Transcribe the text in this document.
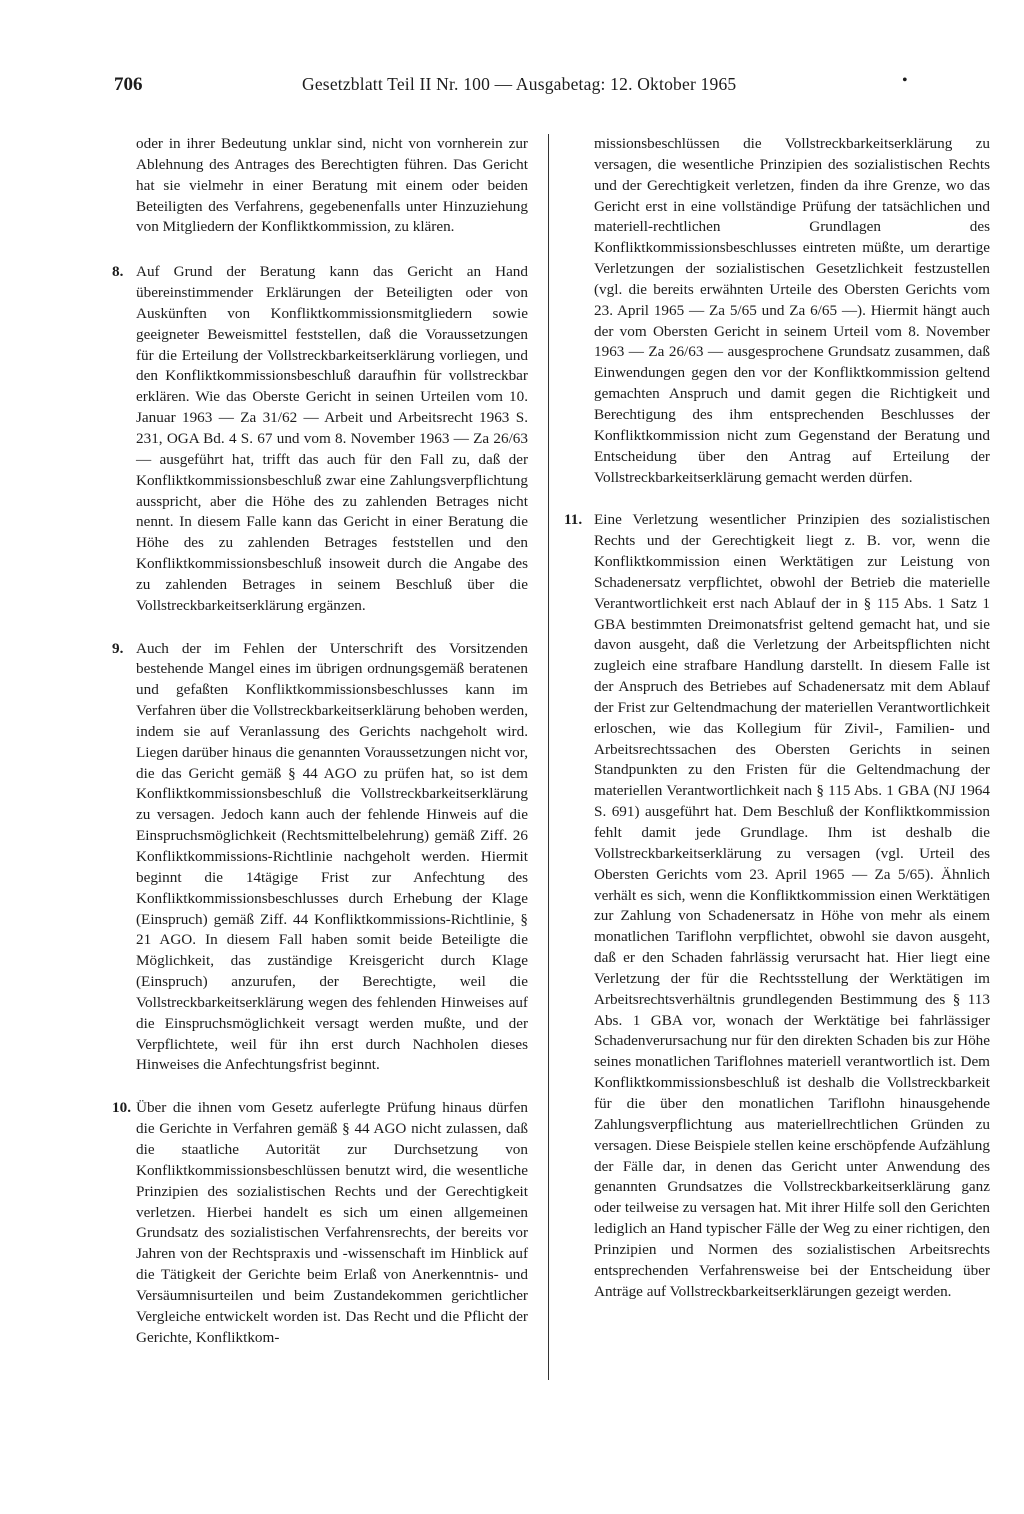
706	Gesetzblatt Teil II Nr. 100 — Ausgabetag: 12. Oktober 1965	•

oder in ihrer Bedeutung unklar sind, nicht von vornherein zur Ablehnung des Antrages des Berechtigten führen. Das Gericht hat sie vielmehr in einer Beratung mit einem oder beiden Beteiligten des Verfahrens, gegebenenfalls unter Hinzuziehung von Mitgliedern der Konfliktkommission, zu klären.

8. Auf Grund der Beratung kann das Gericht an Hand übereinstimmender Erklärungen der Beteiligten oder von Auskünften von Konfliktkommissionsmitgliedern sowie geeigneter Beweismittel feststellen, daß die Voraussetzungen für die Erteilung der Vollstreckbarkeitserklärung vorliegen, und den Konfliktkommissionsbeschluß daraufhin für vollstreckbar erklären. Wie das Oberste Gericht in seinen Urteilen vom 10. Januar 1963 — Za 31/62 — Arbeit und Arbeitsrecht 1963 S. 231, OGA Bd. 4 S. 67 und vom 8. November 1963 — Za 26/63 — ausgeführt hat, trifft das auch für den Fall zu, daß der Konfliktkommissionsbeschluß zwar eine Zahlungsverpflichtung ausspricht, aber die Höhe des zu zahlenden Betrages nicht nennt. In diesem Falle kann das Gericht in einer Beratung die Höhe des zu zahlenden Betrages feststellen und den Konfliktkommissionsbeschluß insoweit durch die Angabe des zu zahlenden Betrages in seinem Beschluß über die Vollstreckbarkeitserklärung ergänzen.

9. Auch der im Fehlen der Unterschrift des Vorsitzenden bestehende Mangel eines im übrigen ordnungsgemäß beratenen und gefaßten Konfliktkommissionsbeschlusses kann im Verfahren über die Vollstreckbarkeitserklärung behoben werden, indem sie auf Veranlassung des Gerichts nachgeholt wird. Liegen darüber hinaus die genannten Voraussetzungen nicht vor, die das Gericht gemäß § 44 AGO zu prüfen hat, so ist dem Konfliktkommissionsbeschluß die Vollstreckbarkeitserklärung zu versagen. Jedoch kann auch der fehlende Hinweis auf die Einspruchsmöglichkeit (Rechtsmittelbelehrung) gemäß Ziff. 26 Konfliktkommissions-Richtlinie nachgeholt werden. Hiermit beginnt die 14tägige Frist zur Anfechtung des Konfliktkommissionsbeschlusses durch Erhebung der Klage (Einspruch) gemäß Ziff. 44 Konfliktkommissions-Richtlinie, § 21 AGO. In diesem Fall haben somit beide Beteiligte die Möglichkeit, das zuständige Kreisgericht durch Klage (Einspruch) anzurufen, der Berechtigte, weil die Vollstreckbarkeitserklärung wegen des fehlenden Hinweises auf die Einspruchsmöglichkeit versagt werden mußte, und der Verpflichtete, weil für ihn erst durch Nachholen dieses Hinweises die Anfechtungsfrist beginnt.

10. Über die ihnen vom Gesetz auferlegte Prüfung hinaus dürfen die Gerichte in Verfahren gemäß § 44 AGO nicht zulassen, daß die staatliche Autorität zur Durchsetzung von Konfliktkommissionsbeschlüssen benutzt wird, die wesentliche Prinzipien des sozialistischen Rechts und der Gerechtigkeit verletzen. Hierbei handelt es sich um einen allgemeinen Grundsatz des sozialistischen Verfahrensrechts, der bereits vor Jahren von der Rechtspraxis und -wissenschaft im Hinblick auf die Tätigkeit der Gerichte beim Erlaß von Anerkenntnis- und Versäumnisurteilen und beim Zustandekommen gerichtlicher Vergleiche entwickelt worden ist. Das Recht und die Pflicht der Gerichte, Konfliktkom-

missionsbeschlüssen die Vollstreckbarkeitserklärung zu versagen, die wesentliche Prinzipien des sozialistischen Rechts und der Gerechtigkeit verletzen, finden da ihre Grenze, wo das Gericht erst in eine vollständige Prüfung der tatsächlichen und materiell-rechtlichen Grundlagen des Konfliktkommissionsbeschlusses eintreten müßte, um derartige Verletzungen der sozialistischen Gesetzlichkeit festzustellen (vgl. die bereits erwähnten Urteile des Obersten Gerichts vom 23. April 1965 — Za 5/65 und Za 6/65 —). Hiermit hängt auch der vom Obersten Gericht in seinem Urteil vom 8. November 1963 — Za 26/63 — ausgesprochene Grundsatz zusammen, daß Einwendungen gegen den vor der Konfliktkommission geltend gemachten Anspruch und damit gegen die Richtigkeit und Berechtigung des ihm entsprechenden Beschlusses der Konfliktkommission nicht zum Gegenstand der Beratung und Entscheidung über den Antrag auf Erteilung der Vollstreckbarkeitserklärung gemacht werden dürfen.

11. Eine Verletzung wesentlicher Prinzipien des sozialistischen Rechts und der Gerechtigkeit liegt z. B. vor, wenn die Konfliktkommission einen Werktätigen zur Leistung von Schadenersatz verpflichtet, obwohl der Betrieb die materielle Verantwortlichkeit erst nach Ablauf der in § 115 Abs. 1 Satz 1 GBA bestimmten Dreimonatsfrist geltend gemacht hat, und sie davon ausgeht, daß die Verletzung der Arbeitspflichten nicht zugleich eine strafbare Handlung darstellt. In diesem Falle ist der Anspruch des Betriebes auf Schadenersatz mit dem Ablauf der Frist zur Geltendmachung der materiellen Verantwortlichkeit erloschen, wie das Kollegium für Zivil-, Familien- und Arbeitsrechtssachen des Obersten Gerichts in seinen Standpunkten zu den Fristen für die Geltendmachung der materiellen Verantwortlichkeit nach § 115 Abs. 1 GBA (NJ 1964 S. 691) ausgeführt hat. Dem Beschluß der Konfliktkommission fehlt damit jede Grundlage. Ihm ist deshalb die Vollstreckbarkeitserklärung zu versagen (vgl. Urteil des Obersten Gerichts vom 23. April 1965 — Za 5/65). Ähnlich verhält es sich, wenn die Konfliktkommission einen Werktätigen zur Zahlung von Schadenersatz in Höhe von mehr als einem monatlichen Tariflohn verpflichtet, obwohl sie davon ausgeht, daß er den Schaden fahrlässig verursacht hat. Hier liegt eine Verletzung der für die Rechtsstellung der Werktätigen im Arbeitsrechtsverhältnis grundlegenden Bestimmung des § 113 Abs. 1 GBA vor, wonach der Werktätige bei fahrlässiger Schadenverursachung nur für den direkten Schaden bis zur Höhe seines monatlichen Tariflohnes materiell verantwortlich ist. Dem Konfliktkommissionsbeschluß ist deshalb die Vollstreckbarkeit für die über den monatlichen Tariflohn hinausgehende Zahlungsverpflichtung aus materiellrechtlichen Gründen zu versagen. Diese Beispiele stellen keine erschöpfende Aufzählung der Fälle dar, in denen das Gericht unter Anwendung des genannten Grundsatzes die Vollstreckbarkeitserklärung ganz oder teilweise zu versagen hat. Mit ihrer Hilfe soll den Gerichten lediglich an Hand typischer Fälle der Weg zu einer richtigen, den Prinzipien und Normen des sozialistischen Arbeitsrechts entsprechenden Verfahrensweise bei der Entscheidung über Anträge auf Vollstreckbarkeitserklärungen gezeigt werden.
